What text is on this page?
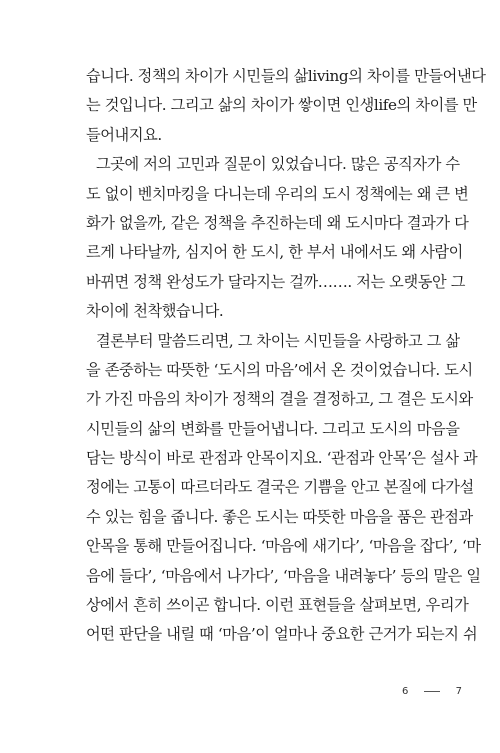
습니다. 정책의 차이가 시민들의 삶living의 차이를 만들어낸다
는 것입니다. 그리고 삶의 차이가 쌓이면 인생life의 차이를 만
들어내지요.
그곳에 저의 고민과 질문이 있었습니다. 많은 공직자가 수
도 없이 벤치마킹을 다니는데 우리의 도시 정책에는 왜 큰 변
화가 없을까, 같은 정책을 추진하는데 왜 도시마다 결과가 다
르게 나타날까, 심지어 한 도시, 한 부서 내에서도 왜 사람이
바뀌면 정책 완성도가 달라지는 걸까……. 저는 오랫동안 그
차이에 천착했습니다.
결론부터 말씀드리면, 그 차이는 시민들을 사랑하고 그 삶
을 존중하는 따뜻한 ‘도시의 마음’에서 온 것이었습니다. 도시
가 가진 마음의 차이가 정책의 결을 결정하고, 그 결은 도시와
시민들의 삶의 변화를 만들어냅니다. 그리고 도시의 마음을
담는 방식이 바로 관점과 안목이지요. ‘관점과 안목’은 설사 과
정에는 고통이 따르더라도 결국은 기쁨을 안고 본질에 다가설
수 있는 힘을 줍니다. 좋은 도시는 따뜻한 마음을 품은 관점과
안목을 통해 만들어집니다. ‘마음에 새기다’, ‘마음을 잡다’, ‘마
음에 들다’, ‘마음에서 나가다’, ‘마음을 내려놓다’ 등의 말은 일
상에서 흔히 쓰이곤 합니다. 이런 표현들을 살펴보면, 우리가
어떤 판단을 내릴 때 ‘마음’이 얼마나 중요한 근거가 되는지 쉬
6	7
